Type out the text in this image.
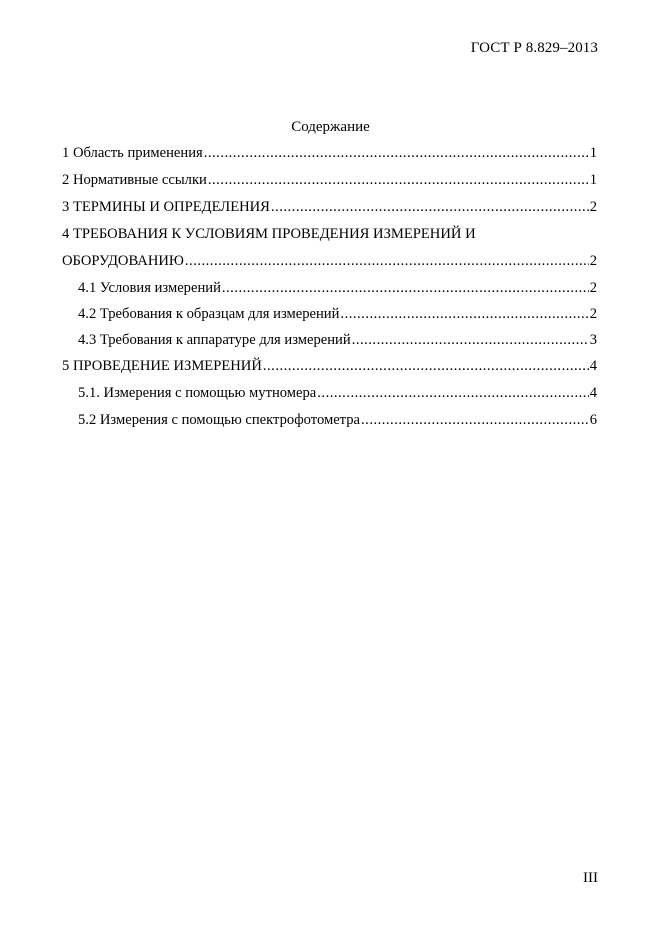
ГОСТ Р 8.829–2013
Содержание
1 Область применения .....	1
2 Нормативные ссылки .....	1
3 ТЕРМИНЫ И ОПРЕДЕЛЕНИЯ .....	2
4 ТРЕБОВАНИЯ К УСЛОВИЯМ ПРОВЕДЕНИЯ ИЗМЕРЕНИЙ И
ОБОРУДОВАНИЮ .....	2
4.1 Условия измерений .....	2
4.2 Требования к образцам для измерений .....	2
4.3 Требования к аппаратуре для измерений .....	3
5 ПРОВЕДЕНИЕ ИЗМЕРЕНИЙ .....	4
5.1. Измерения с помощью мутномера .....	4
5.2 Измерения с помощью спектрофотометра .....	6
III
